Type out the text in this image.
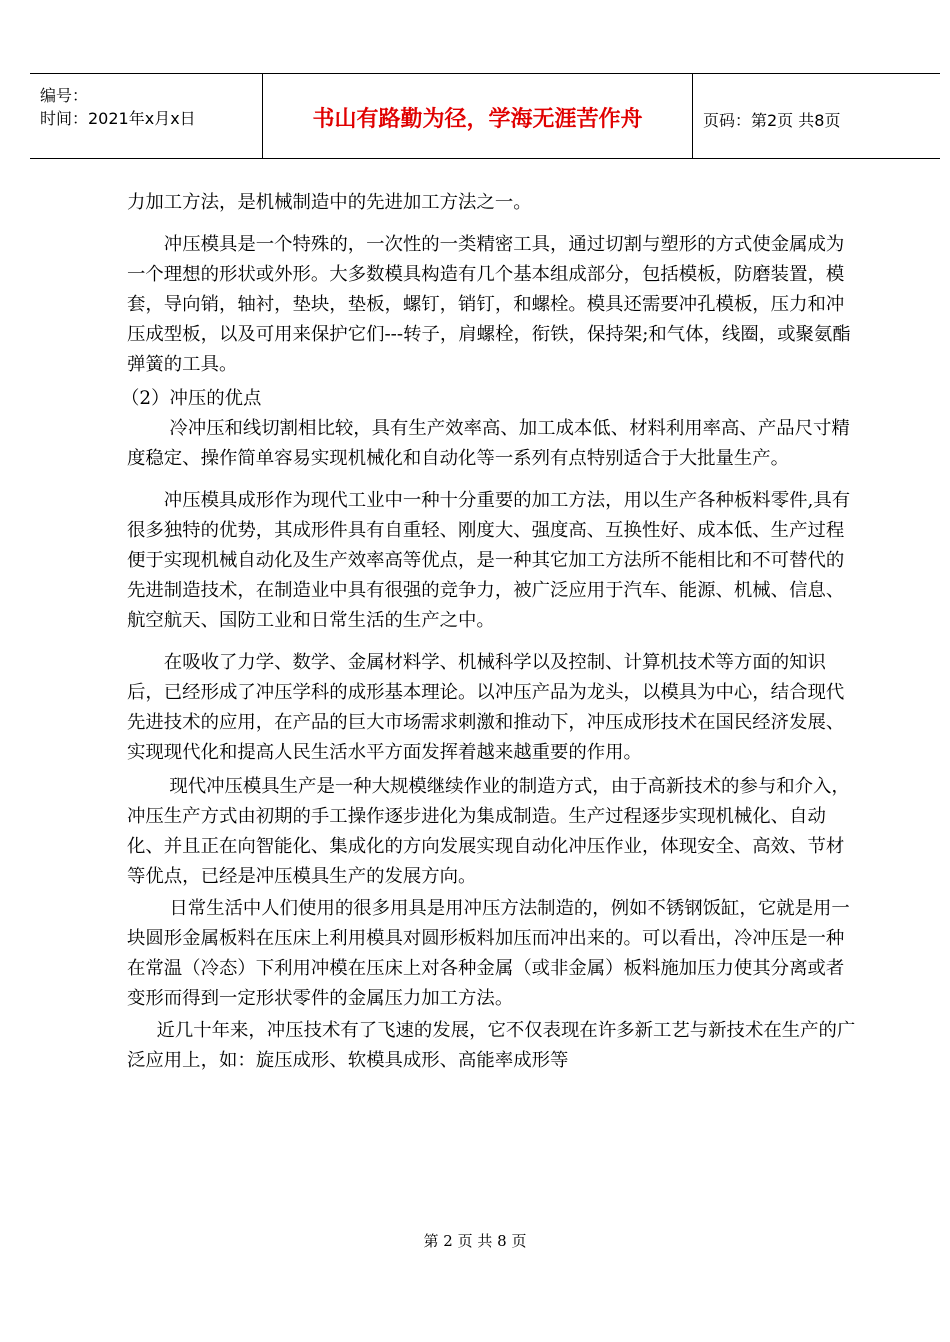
编号：
时间：2021年x月x日	书山有路勤为径，学海无涯苦作舟	页码：第2页 共8页

力加工方法，是机械制造中的先进加工方法之一。

冲压模具是一个特殊的，一次性的一类精密工具，通过切割与塑形的方式使金属成为一个理想的形状或外形。大多数模具构造有几个基本组成部分，包括模板，防磨装置，模套，导向销，轴衬，垫块，垫板，螺钉，销钉，和螺栓。模具还需要冲孔模板，压力和冲压成型板，以及可用来保护它们---转子，肩螺栓，衔铁，保持架;和气体，线圈，或聚氨酯弹簧的工具。

（2）冲压的优点

冷冲压和线切割相比较，具有生产效率高、加工成本低、材料利用率高、产品尺寸精度稳定、操作简单容易实现机械化和自动化等一系列有点特别适合于大批量生产。

冲压模具成形作为现代工业中一种十分重要的加工方法，用以生产各种板料零件,具有很多独特的优势，其成形件具有自重轻、刚度大、强度高、互换性好、成本低、生产过程便于实现机械自动化及生产效率高等优点，是一种其它加工方法所不能相比和不可替代的先进制造技术，在制造业中具有很强的竞争力，被广泛应用于汽车、能源、机械、信息、航空航天、国防工业和日常生活的生产之中。

在吸收了力学、数学、金属材料学、机械科学以及控制、计算机技术等方面的知识后，已经形成了冲压学科的成形基本理论。以冲压产品为龙头，以模具为中心，结合现代先进技术的应用，在产品的巨大市场需求刺激和推动下，冲压成形技术在国民经济发展、实现现代化和提高人民生活水平方面发挥着越来越重要的作用。

现代冲压模具生产是一种大规模继续作业的制造方式，由于高新技术的参与和介入，冲压生产方式由初期的手工操作逐步进化为集成制造。生产过程逐步实现机械化、自动化、并且正在向智能化、集成化的方向发展实现自动化冲压作业，体现安全、高效、节材等优点，已经是冲压模具生产的发展方向。

日常生活中人们使用的很多用具是用冲压方法制造的，例如不锈钢饭缸，它就是用一块圆形金属板料在压床上利用模具对圆形板料加压而冲出来的。可以看出，冷冲压是一种在常温（冷态）下利用冲模在压床上对各种金属（或非金属）板料施加压力使其分离或者变形而得到一定形状零件的金属压力加工方法。

近几十年来，冲压技术有了飞速的发展，它不仅表现在许多新工艺与新技术在生产的广泛应用上，如：旋压成形、软模具成形、高能率成形等

第 2 页 共 8 页
